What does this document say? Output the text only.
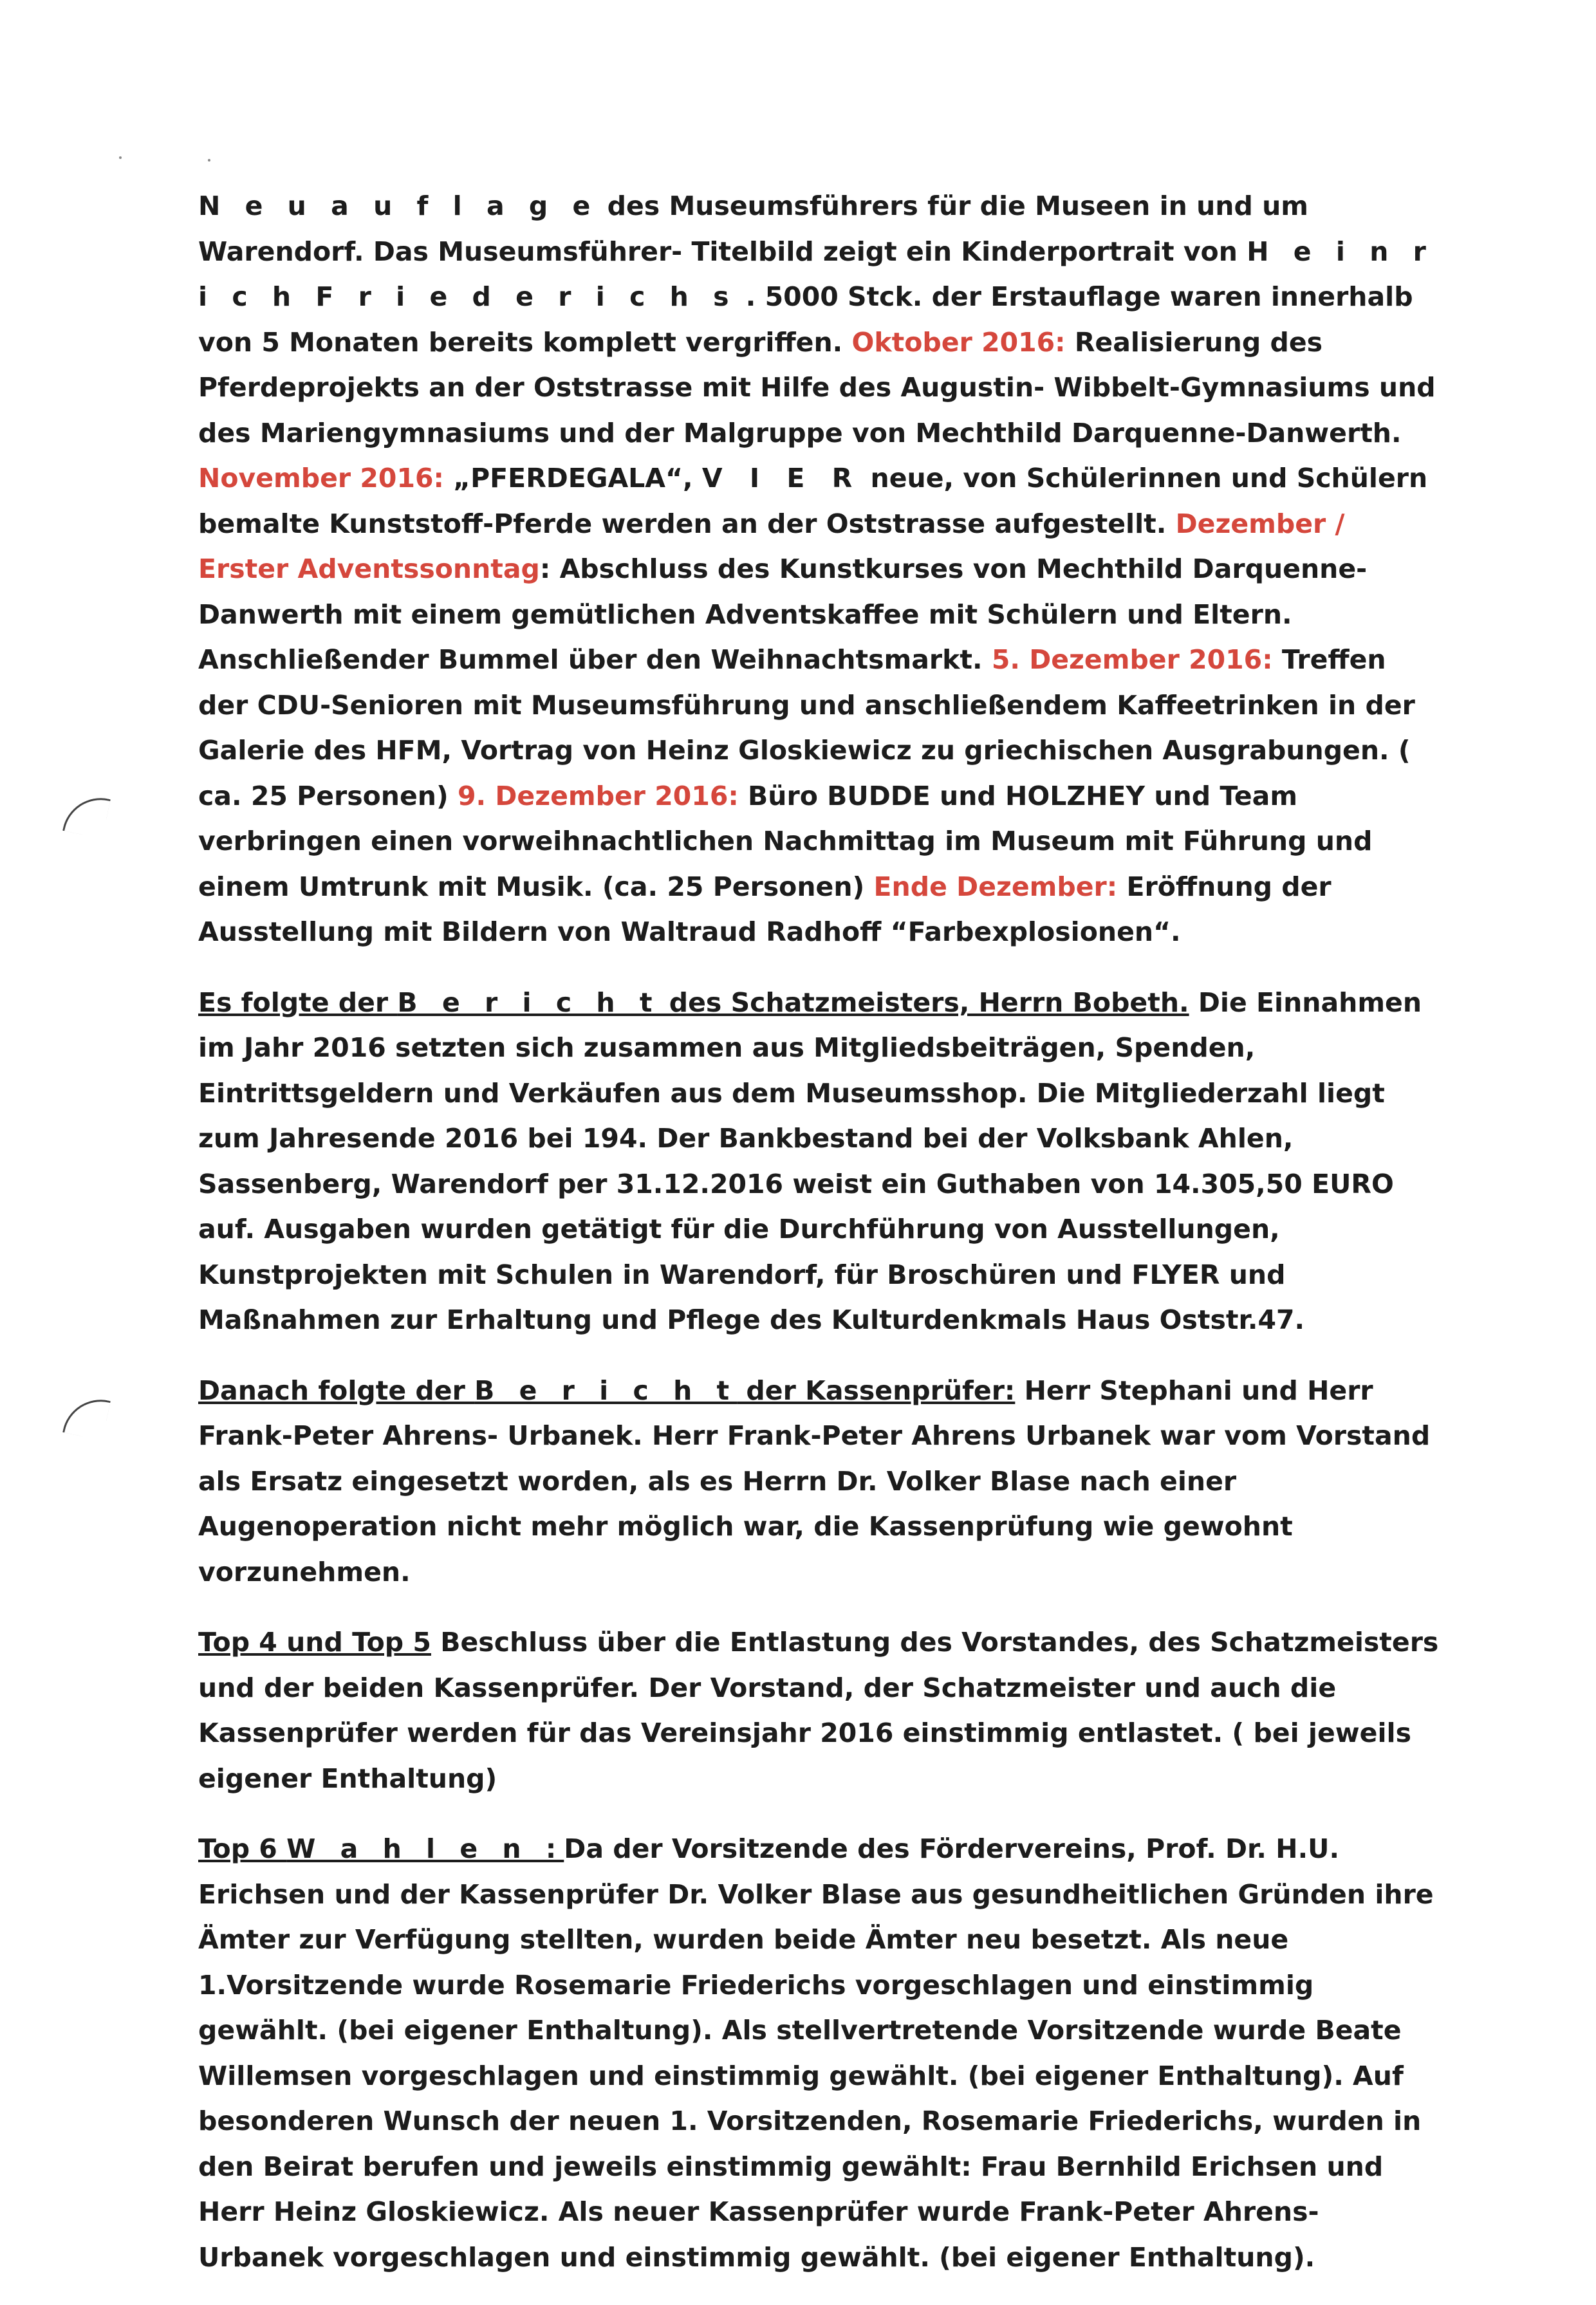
N e u a u f l a g e des Museumsführers für die Museen in und um Warendorf. Das Museumsführer- Titelbild zeigt ein Kinderportrait von H e i n r i c h F r i e d e r i c h s . 5000 Stck. der Erstauflage waren innerhalb von 5 Monaten bereits komplett vergriffen. Oktober 2016: Realisierung des Pferdeprojekts an der Oststrasse mit Hilfe des Augustin- Wibbelt-Gymnasiums und des Mariengymnasiums und der Malgruppe von Mechthild Darquenne-Danwerth. November 2016: „PFERDEGALA“, V I E R neue, von Schülerinnen und Schülern bemalte Kunststoff-Pferde werden an der Oststrasse aufgestellt. Dezember / Erster Adventssonntag: Abschluss des Kunstkurses von Mechthild Darquenne-Danwerth mit einem gemütlichen Adventskaffee mit Schülern und Eltern. Anschließender Bummel über den Weihnachtsmarkt. 5. Dezember 2016: Treffen der CDU-Senioren mit Museumsführung und anschließendem Kaffeetrinken in der Galerie des HFM, Vortrag von Heinz Gloskiewicz zu griechischen Ausgrabungen. ( ca. 25 Personen) 9. Dezember 2016: Büro BUDDE und HOLZHEY und Team verbringen einen vorweihnachtlichen Nachmittag im Museum mit Führung und einem Umtrunk mit Musik. (ca. 25 Personen) Ende Dezember: Eröffnung der Ausstellung mit Bildern von Waltraud Radhoff “Farbexplosionen“.

Es folgte der B e r i c h t des Schatzmeisters, Herrn Bobeth. Die Einnahmen im Jahr 2016 setzten sich zusammen aus Mitgliedsbeiträgen, Spenden, Eintrittsgeldern und Verkäufen aus dem Museumsshop. Die Mitgliederzahl liegt zum Jahresende 2016 bei 194. Der Bankbestand bei der Volksbank Ahlen, Sassenberg, Warendorf per 31.12.2016 weist ein Guthaben von 14.305,50 EURO auf. Ausgaben wurden getätigt für die Durchführung von Ausstellungen, Kunstprojekten mit Schulen in Warendorf, für Broschüren und FLYER und Maßnahmen zur Erhaltung und Pflege des Kulturdenkmals Haus Oststr.47.

Danach folgte der B e r i c h t der Kassenprüfer: Herr Stephani und Herr Frank-Peter Ahrens- Urbanek. Herr Frank-Peter Ahrens Urbanek war vom Vorstand als Ersatz eingesetzt worden, als es Herrn Dr. Volker Blase nach einer Augenoperation nicht mehr möglich war, die Kassenprüfung wie gewohnt vorzunehmen.

Top 4 und Top 5 Beschluss über die Entlastung des Vorstandes, des Schatzmeisters und der beiden Kassenprüfer. Der Vorstand, der Schatzmeister und auch die Kassenprüfer werden für das Vereinsjahr 2016 einstimmig entlastet. ( bei jeweils eigener Enthaltung)

Top 6 W a h l e n :Da der Vorsitzende des Fördervereins, Prof. Dr. H.U. Erichsen und der Kassenprüfer Dr. Volker Blase aus gesundheitlichen Gründen ihre Ämter zur Verfügung stellten, wurden beide Ämter neu besetzt. Als neue 1.Vorsitzende wurde Rosemarie Friederichs vorgeschlagen und einstimmig gewählt. (bei eigener Enthaltung). Als stellvertretende Vorsitzende wurde Beate Willemsen vorgeschlagen und einstimmig gewählt. (bei eigener Enthaltung). Auf besonderen Wunsch der neuen 1. Vorsitzenden, Rosemarie Friederichs, wurden in den Beirat berufen und jeweils einstimmig gewählt: Frau Bernhild Erichsen und Herr Heinz Gloskiewicz. Als neuer Kassenprüfer wurde Frank-Peter Ahrens-Urbanek vorgeschlagen und einstimmig gewählt. (bei eigener Enthaltung).
